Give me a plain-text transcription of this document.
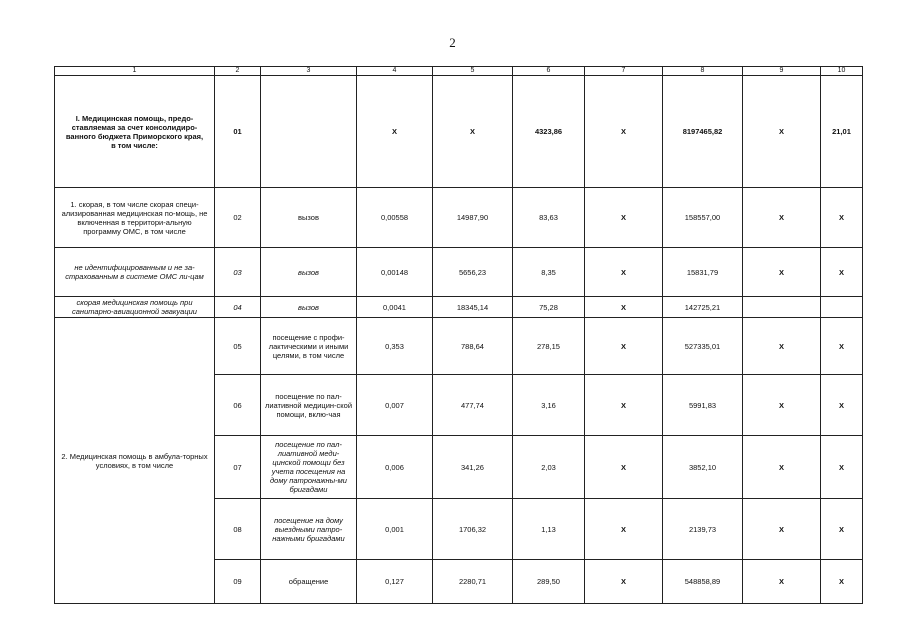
2
1	2	3	4	5	6	7	8	9	10
I. Медицинская помощь, предо-ставляемая за счет консолидиро-ванного бюджета Приморского края,
в том числе:	01		X	X	4323,86	X	8197465,82	X	21,01
1. скорая, в том числе скорая специ-ализированная медицинская по-мощь, не включенная в территори-альную программу ОМС, в том числе	02	вызов	0,00558	14987,90	83,63	X	158557,00	X	X
не идентифицированным и не за-страхованным в системе ОМС ли-цам	03	вызов	0,00148	5656,23	8,35	X	15831,79	X	X
скорая медицинская помощь при санитарно-авиационной эвакуации	04	вызов	0,0041	18345,14	75,28	X	142725,21		
2. Медицинская помощь в амбула-торных условиях, в том числе	05	посещение с профи-лактическими и иными целями, в том числе	0,353	788,64	278,15	X	527335,01	X	X
	06	посещение по пал-лиативной медицин-ской помощи, вклю-чая	0,007	477,74	3,16	X	5991,83	X	X
	07	посещение по пал-лиативной меди-цинской помощи без учета посещения на дому патронажны-ми бригадами	0,006	341,26	2,03	X	3852,10	X	X
	08	посещение на дому выездными патро-нажными бригадами	0,001	1706,32	1,13	X	2139,73	X	X
	09	обращение	0,127	2280,71	289,50	X	548858,89	X	X
